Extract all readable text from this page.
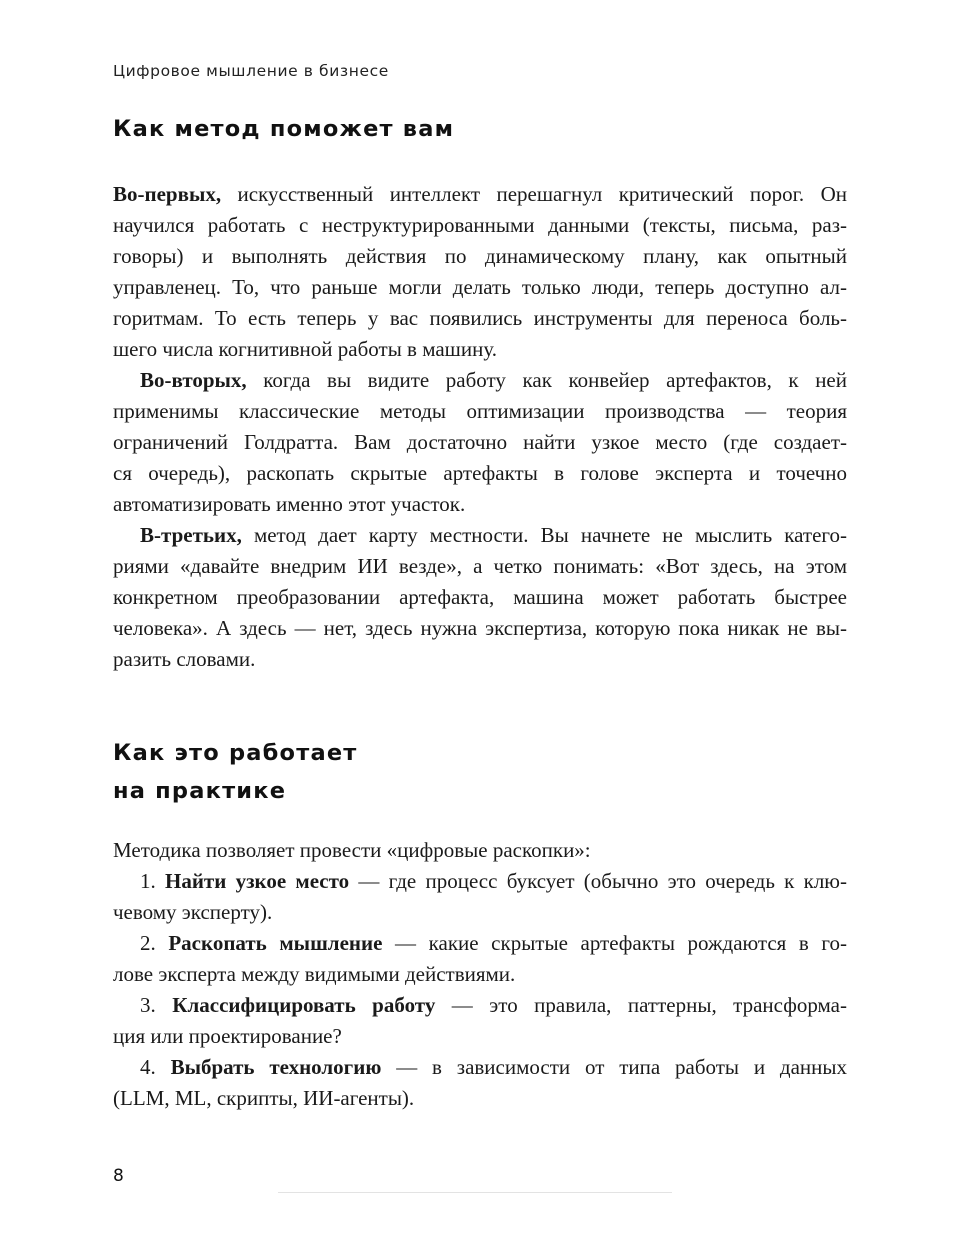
Цифровое мышление в бизнесе
Как метод поможет вам
Во-первых, искусственный интеллект перешагнул критический порог. Он
научился работать с неструктурированными данными (тексты, письма, раз-
говоры) и выполнять действия по динамическому плану, как опытный
управленец. То, что раньше могли делать только люди, теперь доступно ал-
горитмам. То есть теперь у вас появились инструменты для переноса боль-
шего числа когнитивной работы в машину.
Во-вторых, когда вы видите работу как конвейер артефактов, к ней
применимы классические методы оптимизации производства — теория
ограничений Голдратта. Вам достаточно найти узкое место (где создает-
ся очередь), раскопать скрытые артефакты в голове эксперта и точечно
автоматизировать именно этот участок.
В-третьих, метод дает карту местности. Вы начнете не мыслить катего-
риями «давайте внедрим ИИ везде», а четко понимать: «Вот здесь, на этом
конкретном преобразовании артефакта, машина может работать быстрее
человека». А здесь — нет, здесь нужна экспертиза, которую пока никак не вы-
разить словами.
Как это работает
на практике
Методика позволяет провести «цифровые раскопки»:
1. Найти узкое место — где процесс буксует (обычно это очередь к клю-
чевому эксперту).
2. Раскопать мышление — какие скрытые артефакты рождаются в го-
лове эксперта между видимыми действиями.
3. Классифицировать работу — это правила, паттерны, трансформа-
ция или проектирование?
4. Выбрать технологию — в зависимости от типа работы и данных
(LLM, ML, скрипты, ИИ-агенты).
8
